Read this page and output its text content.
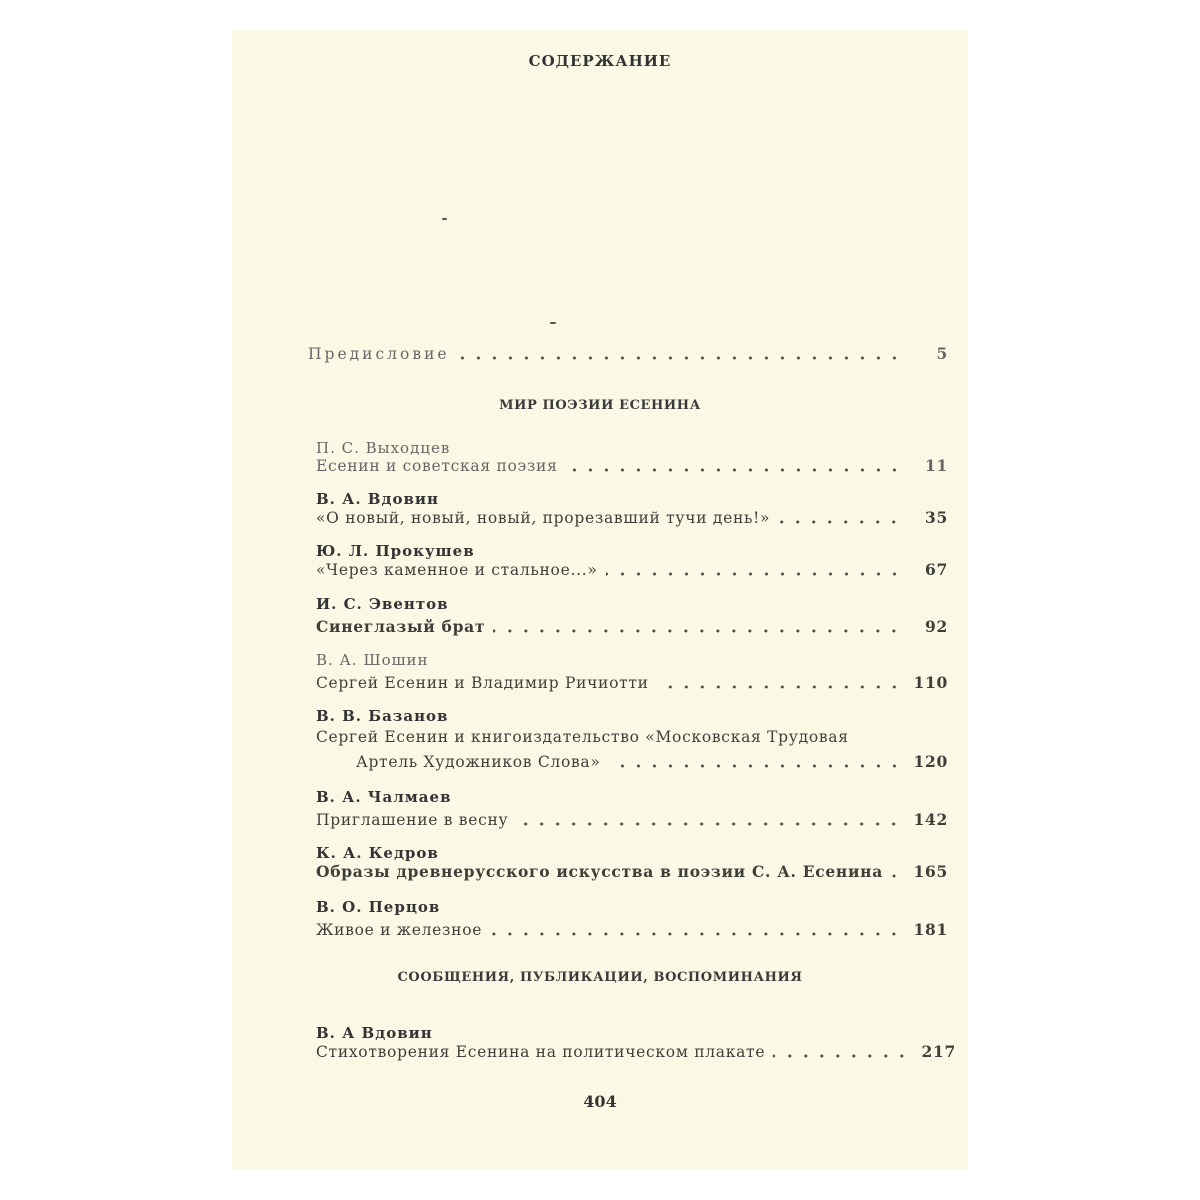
СОДЕРЖАНИЕ
Предисловие	5
МИР ПОЭЗИИ ЕСЕНИНА
П. С. Выходцев
Есенин и советская поэзия	11
В. А. Вдовин
«О новый, новый, новый, прорезавший тучи день!»	35
Ю. Л. Прокушев
«Через каменное и стальное...»	67
И. С. Эвентов
Синеглазый брат	92
В. А. Шошин
Сергей Есенин и Владимир Ричиотти	110
В. В. Базанов
Сергей Есенин и книгоиздательство «Московская Трудовая
Артель Художников Слова»	120
В. А. Чалмаев
Приглашение в весну	142
К. А. Кедров
Образы древнерусского искусства в поэзии С. А. Есенина 165
В. О. Перцов
Живое и железное	181
СООБЩЕНИЯ, ПУБЛИКАЦИИ, ВОСПОМИНАНИЯ
В. А Вдовин
Стихотворения Есенина на политическом плакате	217
404
